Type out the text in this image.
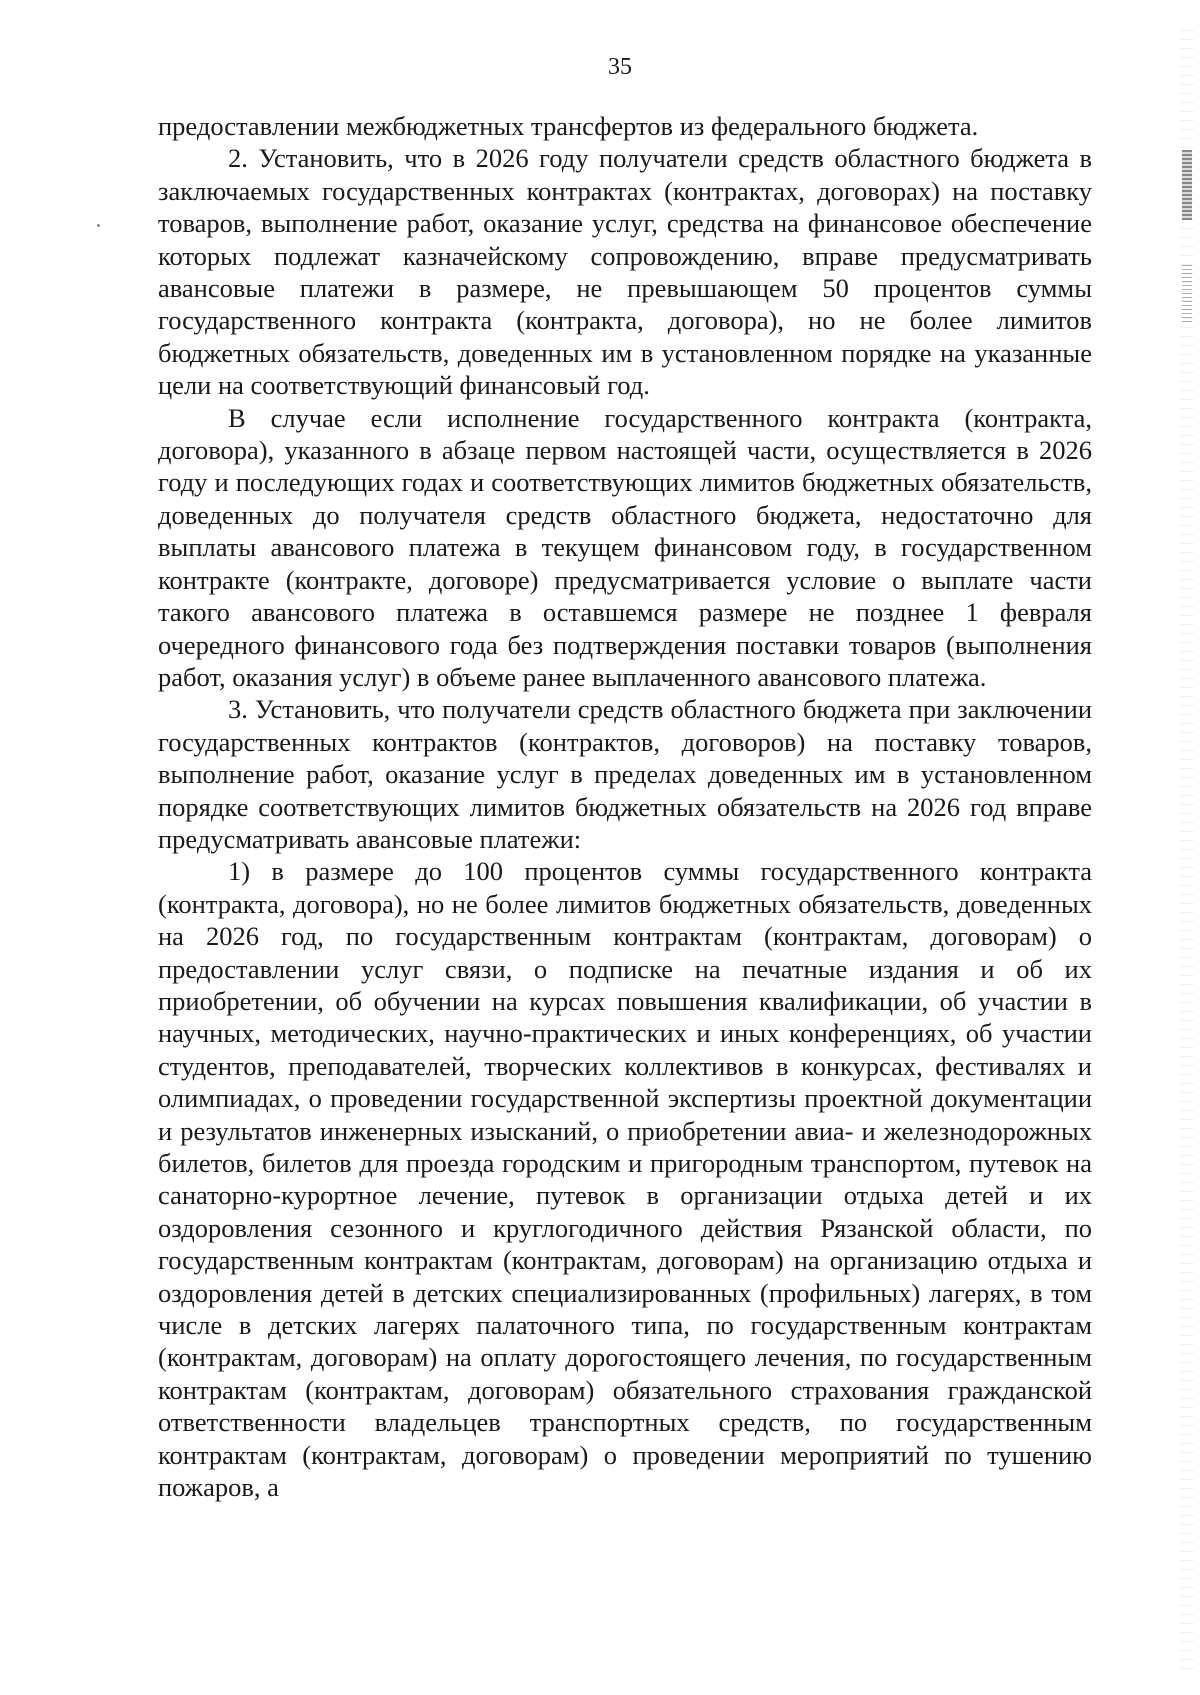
35

предоставлении межбюджетных трансфертов из федерального бюджета.

2. Установить, что в 2026 году получатели средств областного бюджета в заключаемых государственных контрактах (контрактах, договорах) на поставку товаров, выполнение работ, оказание услуг, средства на финансовое обеспечение которых подлежат казначейскому сопровождению, вправе предусматривать авансовые платежи в размере, не превышающем 50 процентов суммы государственного контракта (контракта, договора), но не более лимитов бюджетных обязательств, доведенных им в установленном порядке на указанные цели на соответствующий финансовый год.

В случае если исполнение государственного контракта (контракта, договора), указанного в абзаце первом настоящей части, осуществляется в 2026 году и последующих годах и соответствующих лимитов бюджетных обязательств, доведенных до получателя средств областного бюджета, недостаточно для выплаты авансового платежа в текущем финансовом году, в государственном контракте (контракте, договоре) предусматривается условие о выплате части такого авансового платежа в оставшемся размере не позднее 1 февраля очередного финансового года без подтверждения поставки товаров (выполнения работ, оказания услуг) в объеме ранее выплаченного авансового платежа.

3. Установить, что получатели средств областного бюджета при заключении государственных контрактов (контрактов, договоров) на поставку товаров, выполнение работ, оказание услуг в пределах доведенных им в установленном порядке соответствующих лимитов бюджетных обязательств на 2026 год вправе предусматривать авансовые платежи:

1) в размере до 100 процентов суммы государственного контракта (контракта, договора), но не более лимитов бюджетных обязательств, доведенных на 2026 год, по государственным контрактам (контрактам, договорам) о предоставлении услуг связи, о подписке на печатные издания и об их приобретении, об обучении на курсах повышения квалификации, об участии в научных, методических, научно-практических и иных конференциях, об участии студентов, преподавателей, творческих коллективов в конкурсах, фестивалях и олимпиадах, о проведении государственной экспертизы проектной документации и результатов инженерных изысканий, о приобретении авиа- и железнодорожных билетов, билетов для проезда городским и пригородным транспортом, путевок на санаторно-курортное лечение, путевок в организации отдыха детей и их оздоровления сезонного и круглогодичного действия Рязанской области, по государственным контрактам (контрактам, договорам) на организацию отдыха и оздоровления детей в детских специализированных (профильных) лагерях, в том числе в детских лагерях палаточного типа, по государственным контрактам (контрактам, договорам) на оплату дорогостоящего лечения, по государственным контрактам (контрактам, договорам) обязательного страхования гражданской ответственности владельцев транспортных средств, по государственным контрактам (контрактам, договорам) о проведении мероприятий по тушению пожаров, а
